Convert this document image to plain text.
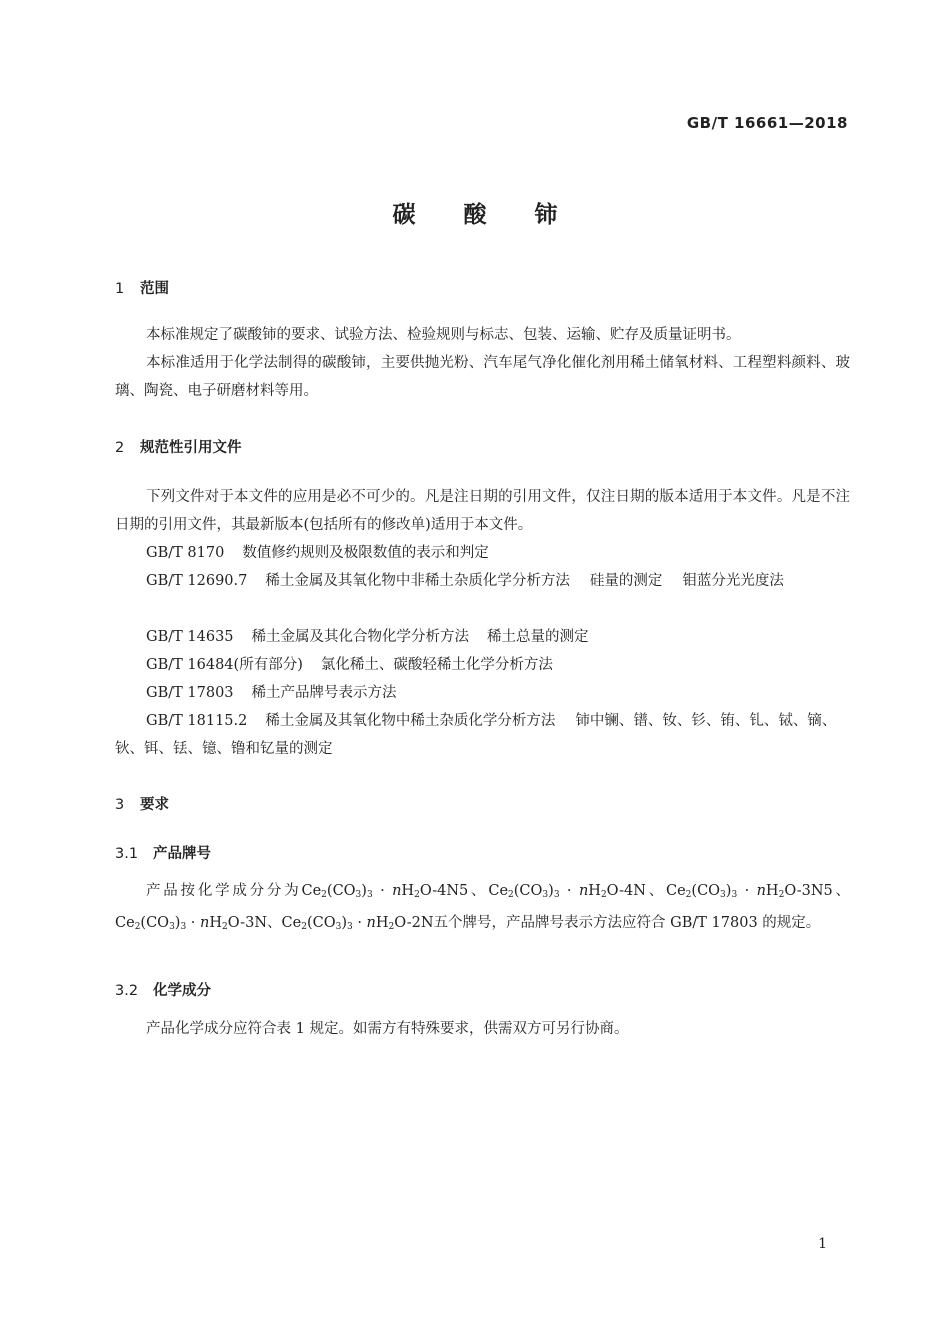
GB/T 16661—2018
碳酸铈
1 范围
本标准规定了碳酸铈的要求、试验方法、检验规则与标志、包装、运输、贮存及质量证明书。
本标准适用于化学法制得的碳酸铈，主要供抛光粉、汽车尾气净化催化剂用稀土储氧材料、工程塑料颜料、玻璃、陶瓷、电子研磨材料等用。
2 规范性引用文件
下列文件对于本文件的应用是必不可少的。凡是注日期的引用文件，仅注日期的版本适用于本文件。凡是不注日期的引用文件，其最新版本(包括所有的修改单)适用于本文件。
GB/T 8170 数值修约规则及极限数值的表示和判定
GB/T 12690.7 稀土金属及其氧化物中非稀土杂质化学分析方法 硅量的测定 钼蓝分光光度法
GB/T 14635 稀土金属及其化合物化学分析方法 稀土总量的测定
GB/T 16484(所有部分) 氯化稀土、碳酸轻稀土化学分析方法
GB/T 17803 稀土产品牌号表示方法
GB/T 18115.2 稀土金属及其氧化物中稀土杂质化学分析方法 铈中镧、镨、钕、钐、铕、钆、铽、镝、钬、铒、铥、镱、镥和钇量的测定
3 要求
3.1 产品牌号
产品按化学成分分为$Ce_2(CO_3)_3 \cdot nH_2O-4N5$、$Ce_2(CO_3)_3 \cdot nH_2O-4N$、$Ce_2(CO_3)_3 \cdot nH_2O-3N5$、$Ce_2(CO_3)_3 \cdot nH_2O-3N$、$Ce_2(CO_3)_3 \cdot nH_2O-2N$五个牌号，产品牌号表示方法应符合 GB/T 17803 的规定。
3.2 化学成分
产品化学成分应符合表 1 规定。如需方有特殊要求，供需双方可另行协商。
1
